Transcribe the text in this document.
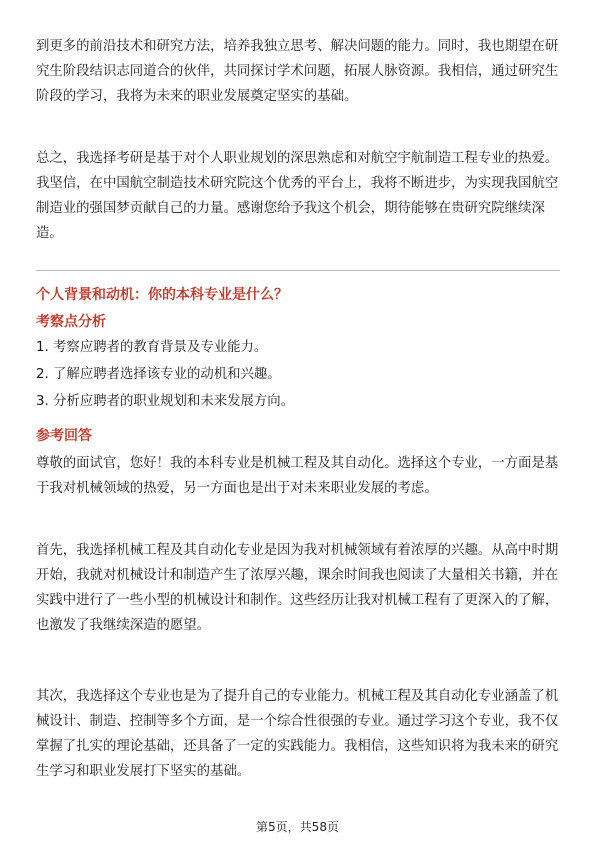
到更多的前沿技术和研究方法，培养我独立思考、解决问题的能力。同时，我也期望在研究生阶段结识志同道合的伙伴，共同探讨学术问题，拓展人脉资源。我相信，通过研究生阶段的学习，我将为未来的职业发展奠定坚实的基础。

总之，我选择考研是基于对个人职业规划的深思熟虑和对航空宇航制造工程专业的热爱。我坚信，在中国航空制造技术研究院这个优秀的平台上，我将不断进步，为实现我国航空制造业的强国梦贡献自己的力量。感谢您给予我这个机会，期待能够在贵研究院继续深造。

个人背景和动机：你的本科专业是什么？
考察点分析
1. 考察应聘者的教育背景及专业能力。
2. 了解应聘者选择该专业的动机和兴趣。
3. 分析应聘者的职业规划和未来发展方向。
参考回答

尊敬的面试官，您好！我的本科专业是机械工程及其自动化。选择这个专业，一方面是基于我对机械领域的热爱，另一方面也是出于对未来职业发展的考虑。

首先，我选择机械工程及其自动化专业是因为我对机械领域有着浓厚的兴趣。从高中时期开始，我就对机械设计和制造产生了浓厚兴趣，课余时间我也阅读了大量相关书籍，并在实践中进行了一些小型的机械设计和制作。这些经历让我对机械工程有了更深入的了解，也激发了我继续深造的愿望。

其次，我选择这个专业也是为了提升自己的专业能力。机械工程及其自动化专业涵盖了机械设计、制造、控制等多个方面，是一个综合性很强的专业。通过学习这个专业，我不仅掌握了扎实的理论基础，还具备了一定的实践能力。我相信，这些知识将为我未来的研究生学习和职业发展打下坚实的基础。

第5页，共58页
